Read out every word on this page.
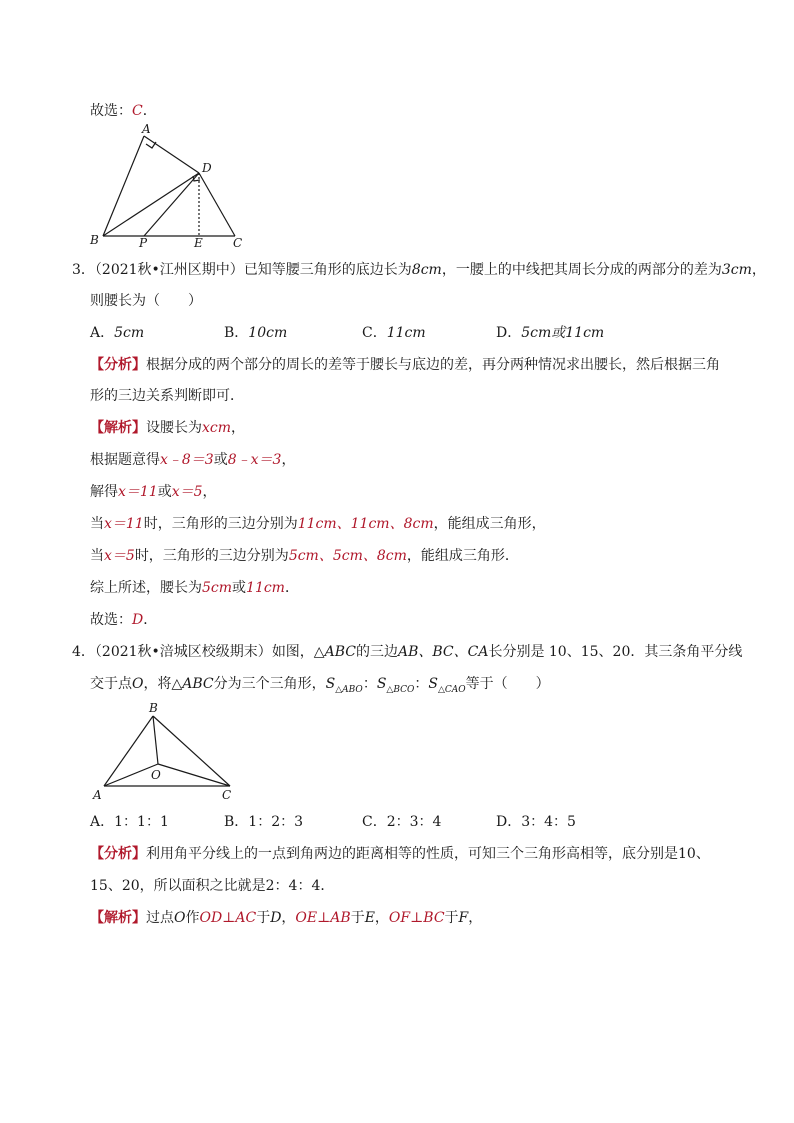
故选：C．
A
D
B	P	E	C
3．（2021秋•江州区期中）已知等腰三角形的底边长为8cm，一腰上的中线把其周长分成的两部分的差为3cm，
则腰长为（　　）
A．5cm	B．10cm	C．11cm	D．5cm或11cm
【分析】根据分成的两个部分的周长的差等于腰长与底边的差，再分两种情况求出腰长，然后根据三角
形的三边关系判断即可．
【解析】设腰长为xcm，
根据题意得x﹣8＝3或8﹣x＝3，
解得x＝11或x＝5，
当x＝11时，三角形的三边分别为11cm、11cm、8cm，能组成三角形，
当x＝5时，三角形的三边分别为5cm、5cm、8cm，能组成三角形．
综上所述，腰长为5cm或11cm．
故选：D．
4．（2021秋•涪城区校级期末）如图，△ABC的三边AB、BC、CA长分别是 10、15、20．其三条角平分线
交于点O，将△ABC分为三个三角形，$S_{\triangle ABO}$：$S_{\triangle BCO}$：$S_{\triangle CAO}$等于（　　）
B
O
A	C
A．1：1：1	B．1：2：3	C．2：3：4	D．3：4：5
【分析】利用角平分线上的一点到角两边的距离相等的性质，可知三个三角形高相等，底分别是10、
15、20，所以面积之比就是2：4：4．
【解析】过点O作OD⊥AC于D，OE⊥AB于E，OF⊥BC于F，
